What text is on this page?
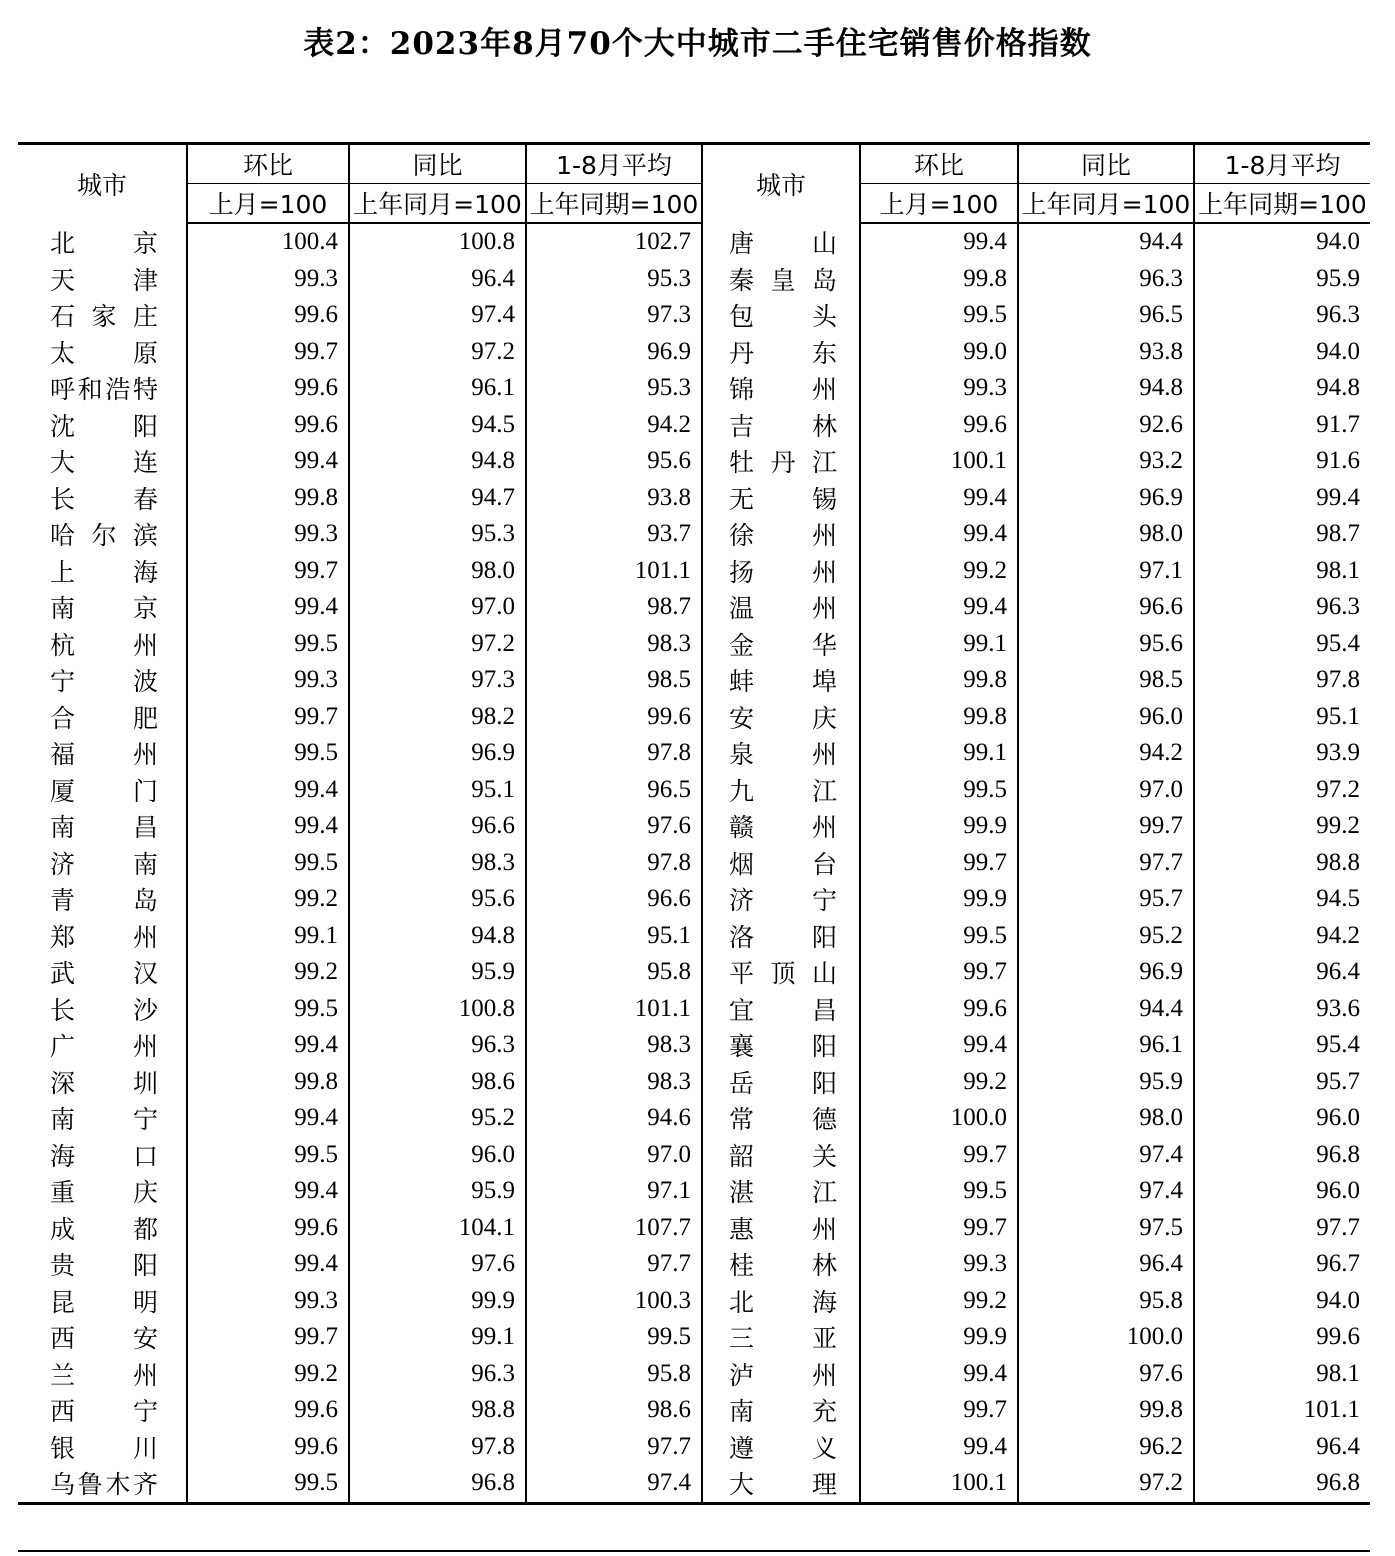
表2：2023年8月70个大中城市二手住宅销售价格指数
城市	环比	同比	1-8月平均	城市	环比	同比	1-8月平均
	上月=100	上年同月=100	上年同期=100		上月=100	上年同月=100	上年同期=100

北　　京	100.4	100.8	102.7	唐　　山	99.4	94.4	94.0

天　　津	99.3	96.4	95.3	秦皇岛	99.8	96.3	95.9

石家庄	99.6	97.4	97.3	包　　头	99.5	96.5	96.3

太　　原	99.7	97.2	96.9	丹　　东	99.0	93.8	94.0

呼和浩特	99.6	96.1	95.3	锦　　州	99.3	94.8	94.8

沈　　阳	99.6	94.5	94.2	吉　　林	99.6	92.6	91.7

大　　连	99.4	94.8	95.6	牡丹江	100.1	93.2	91.6

长　　春	99.8	94.7	93.8	无　　锡	99.4	96.9	99.4

哈尔滨	99.3	95.3	93.7	徐　　州	99.4	98.0	98.7

上　　海	99.7	98.0	101.1	扬　　州	99.2	97.1	98.1

南　　京	99.4	97.0	98.7	温　　州	99.4	96.6	96.3

杭　　州	99.5	97.2	98.3	金　　华	99.1	95.6	95.4

宁　　波	99.3	97.3	98.5	蚌　　埠	99.8	98.5	97.8

合　　肥	99.7	98.2	99.6	安　　庆	99.8	96.0	95.1

福　　州	99.5	96.9	97.8	泉　　州	99.1	94.2	93.9

厦　　门	99.4	95.1	96.5	九　　江	99.5	97.0	97.2

南　　昌	99.4	96.6	97.6	赣　　州	99.9	99.7	99.2

济　　南	99.5	98.3	97.8	烟　　台	99.7	97.7	98.8

青　　岛	99.2	95.6	96.6	济　　宁	99.9	95.7	94.5

郑　　州	99.1	94.8	95.1	洛　　阳	99.5	95.2	94.2

武　　汉	99.2	95.9	95.8	平顶山	99.7	96.9	96.4

长　　沙	99.5	100.8	101.1	宜　　昌	99.6	94.4	93.6

广　　州	99.4	96.3	98.3	襄　　阳	99.4	96.1	95.4

深　　圳	99.8	98.6	98.3	岳　　阳	99.2	95.9	95.7

南　　宁	99.4	95.2	94.6	常　　德	100.0	98.0	96.0

海　　口	99.5	96.0	97.0	韶　　关	99.7	97.4	96.8

重　　庆	99.4	95.9	97.1	湛　　江	99.5	97.4	96.0

成　　都	99.6	104.1	107.7	惠　　州	99.7	97.5	97.7

贵　　阳	99.4	97.6	97.7	桂　　林	99.3	96.4	96.7

昆　　明	99.3	99.9	100.3	北　　海	99.2	95.8	94.0

西　　安	99.7	99.1	99.5	三　　亚	99.9	100.0	99.6

兰　　州	99.2	96.3	95.8	泸　　州	99.4	97.6	98.1

西　　宁	99.6	98.8	98.6	南　　充	99.7	99.8	101.1

银　　川	99.6	97.8	97.7	遵　　义	99.4	96.2	96.4

乌鲁木齐	99.5	96.8	97.4	大　　理	100.1	97.2	96.8
